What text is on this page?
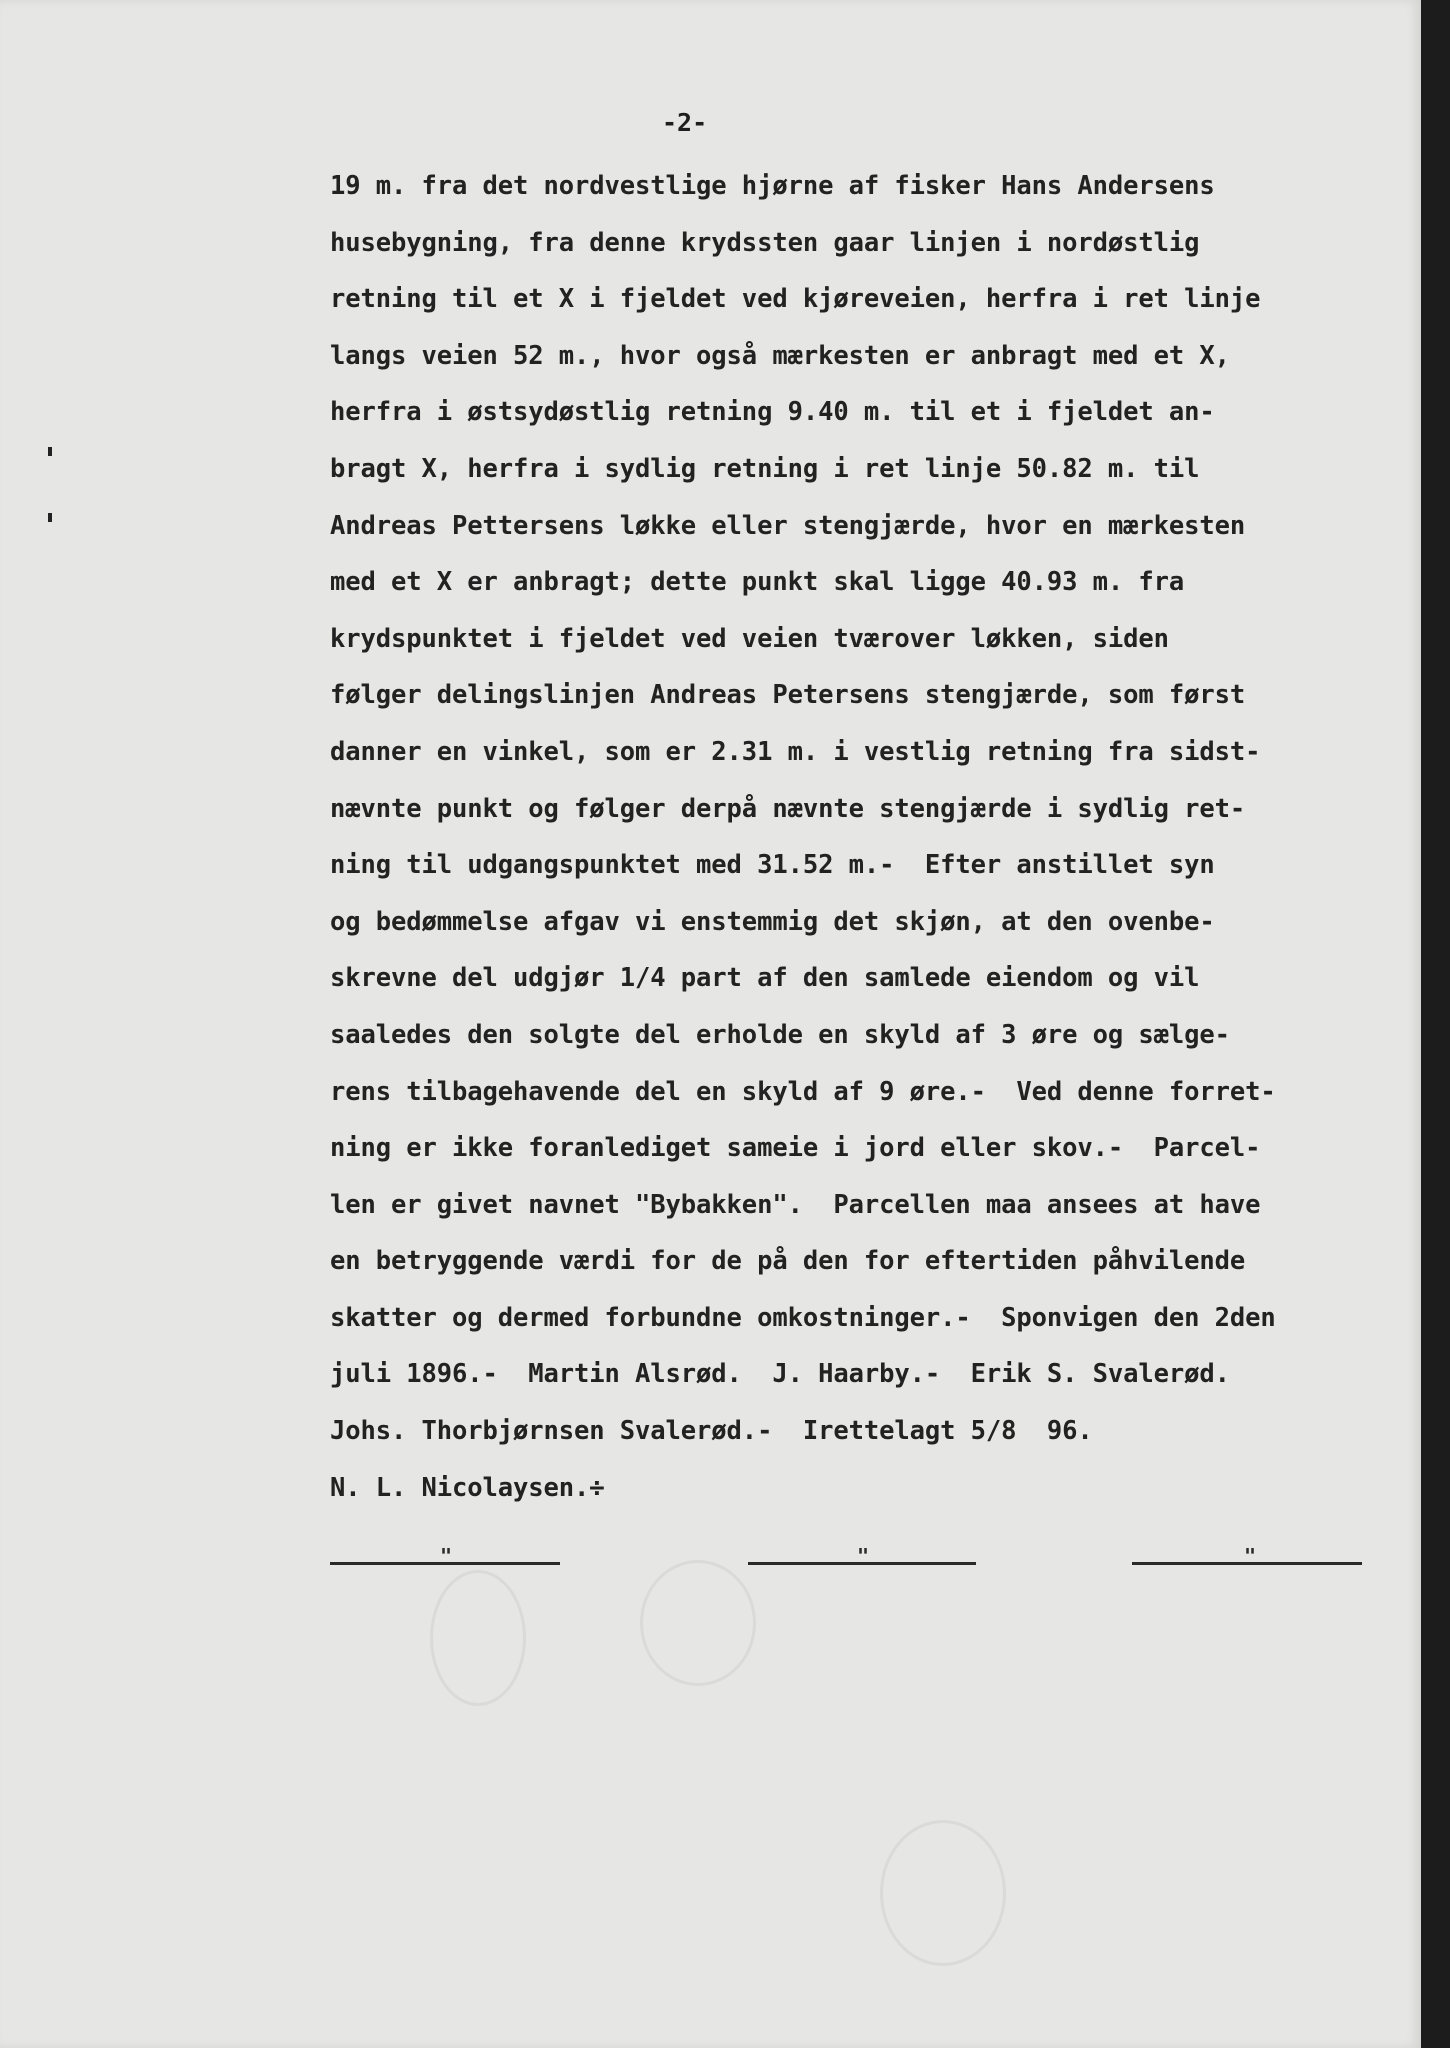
-2-
19 m. fra det nordvestlige hjørne af fisker Hans Andersens
husebygning, fra denne krydssten gaar linjen i nordøstlig
retning til et X i fjeldet ved kjøreveien, herfra i ret linje
langs veien 52 m., hvor også mærkesten er anbragt med et X,
herfra i østsydøstlig retning 9.40 m. til et i fjeldet an-
bragt X, herfra i sydlig retning i ret linje 50.82 m. til
Andreas Pettersens løkke eller stengjærde, hvor en mærkesten
med et X er anbragt; dette punkt skal ligge 40.93 m. fra
krydspunktet i fjeldet ved veien tværover løkken, siden
følger delingslinjen Andreas Petersens stengjærde, som først
danner en vinkel, som er 2.31 m. i vestlig retning fra sidst-
nævnte punkt og følger derpå nævnte stengjærde i sydlig ret-
ning til udgangspunktet med 31.52 m.-  Efter anstillet syn
og bedømmelse afgav vi enstemmig det skjøn, at den ovenbe-
skrevne del udgjør 1/4 part af den samlede eiendom og vil
saaledes den solgte del erholde en skyld af 3 øre og sælge-
rens tilbagehavende del en skyld af 9 øre.-  Ved denne forret-
ning er ikke foranlediget sameie i jord eller skov.-  Parcel-
len er givet navnet "Bybakken".  Parcellen maa ansees at have
en betryggende værdi for de på den for eftertiden påhvilende
skatter og dermed forbundne omkostninger.-  Sponvigen den 2den
juli 1896.-  Martin Alsrød.  J. Haarby.-  Erik S. Svalerød.
Johs. Thorbjørnsen Svalerød.-  Irettelagt 5/8  96.
N. L. Nicolaysen.÷
"	"	"
